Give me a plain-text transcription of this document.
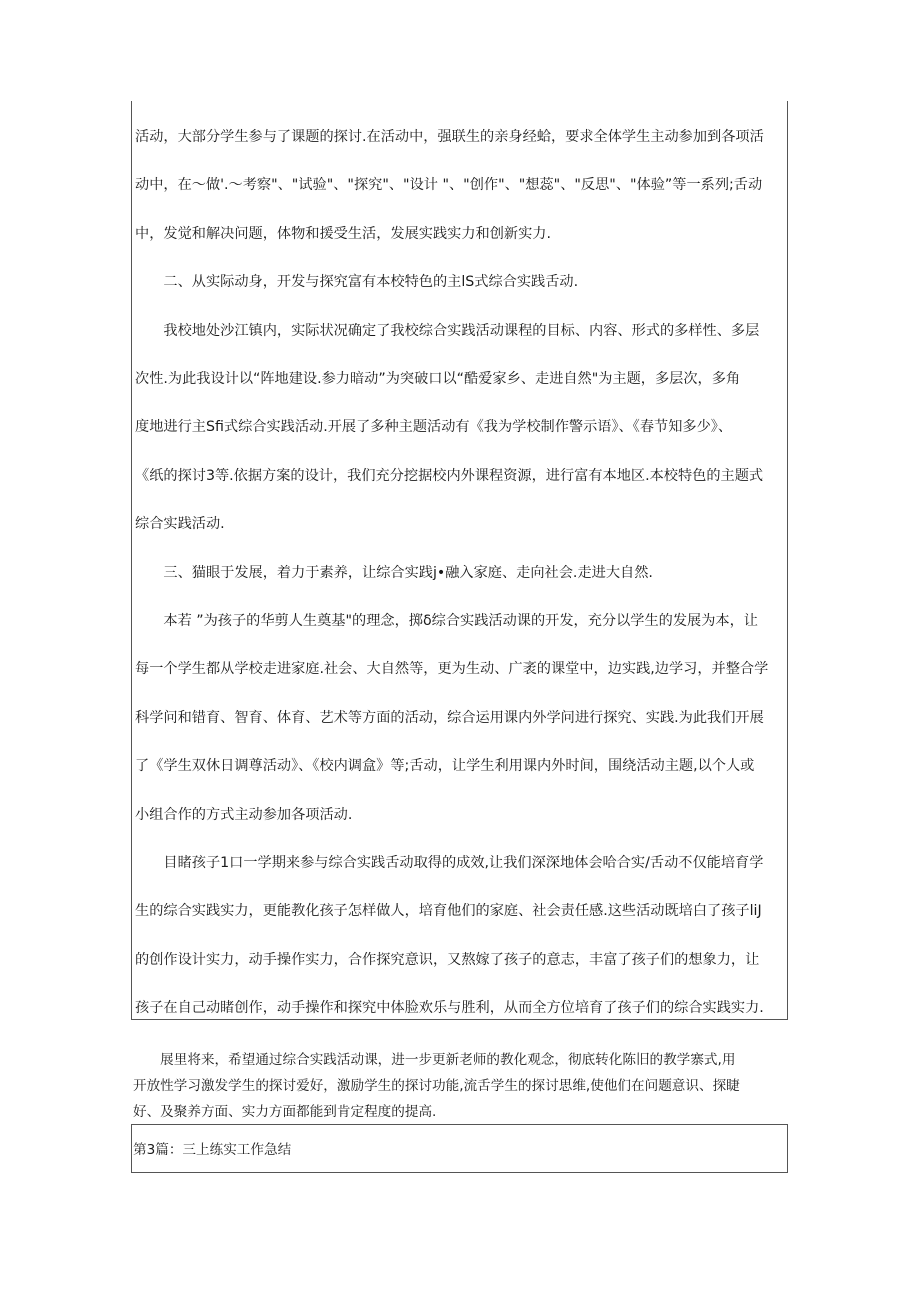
活动，大部分学生参与了课题的探讨.在活动中，强联生的亲身经蛤，要求全体学生主动参加到各项活
动中，在～做'.～考察"、"试验"、"探究"、"设计 "、"创作"、"想蕊"、"反思"、"体验”等一系列;舌动
中，发觉和解决问题，体物和援受生活，发展实践实力和创新实力.
　　二、从实际动身，开发与探究富有本校特色的主lS式综合实践舌动.
　　我校地处沙江镇内，实际状况确定了我校综合实践活动课程的目标、内容、形式的多样性、多层
次性.为此我设计以“阵地建设.参力暗动”为突破口以“酷爱家乡、走进自然"为主题，多层次，多角
度地进行主Sfi式综合实践活动.开展了多种主题活动有《我为学校制作警示语》、《春节知多少》、
《纸的探讨3等.依据方案的设计，我们充分挖据校内外课程资源，进行富有本地区.本校特色的主题式
综合实践活动.
　　三、猫眼于发展，着力于素养，让综合实践j•融入家庭、走向社会.走进大自然.
　　本若 ”为孩子的华剪人生奠基"的理念，掷δ综合实践活动课的开发，充分以学生的发展为本，让
每一个学生都从学校走进家庭.社会、大自然等，更为生动、广袤的课堂中，边实践,边学习，并整合学
科学问和错育、智育、体育、艺术等方面的活动，综合运用课内外学问进行探究、实践.为此我们开展
了《学生双休日调尊活动》、《校内调盒》等;舌动，让学生利用课内外时间，围绕活动主题,以个人或
小组合作的方式主动参加各项活动.
　　目睹孩子1口一学期来参与综合实践舌动取得的成效,让我们深深地体会哈合实/舌动不仅能培育学
生的综合实践实力，更能教化孩子怎样做人，培育他们的家庭、社会责任感.这些活动既培白了孩子liJ
的创作设计实力，动手操作实力，合作探究意识，又熬嫁了孩子的意志，丰富了孩子们的想象力，让
孩子在自己动睹创作，动手操作和探究中体脸欢乐与胜利，从而全方位培育了孩子们的综合实践实力.
　　展里将来，希望通过综合实践活动课，进一步更新老师的教化观念，彻底转化陈旧的教学寨式,用
开放性学习激发学生的探讨爱好，激励学生的探讨功能,流舌学生的探讨思维,使他们在问题意识、探睫
好、及聚养方面、实力方面都能到肯定程度的提高.
第3篇：三上练实工作急结
